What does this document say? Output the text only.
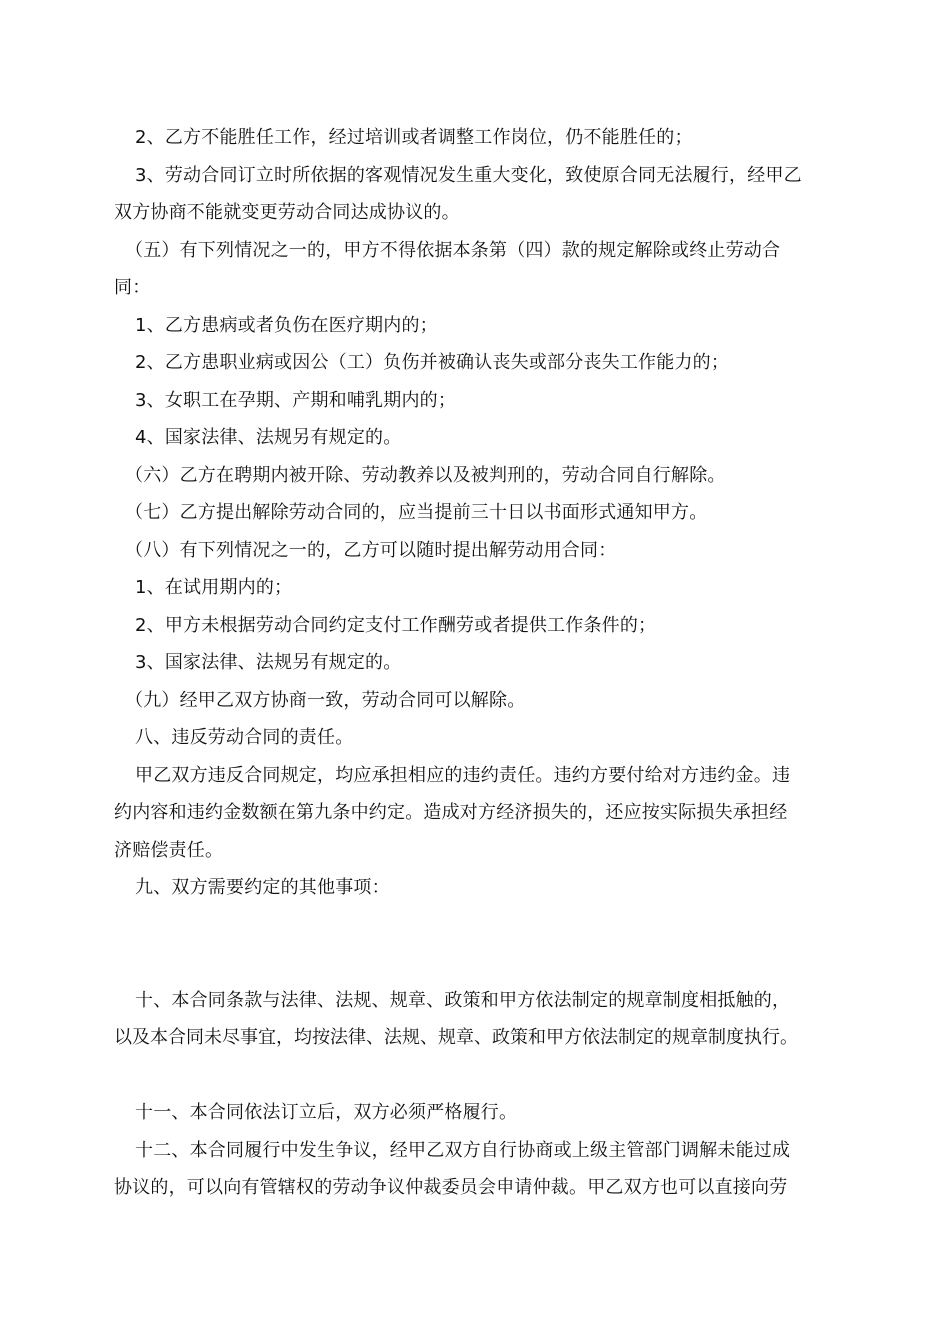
2、乙方不能胜任工作，经过培训或者调整工作岗位，仍不能胜任的；
3、劳动合同订立时所依据的客观情况发生重大变化，致使原合同无法履行，经甲乙
双方协商不能就变更劳动合同达成协议的。
（五）有下列情况之一的，甲方不得依据本条第（四）款的规定解除或终止劳动合
同：
1、乙方患病或者负伤在医疗期内的；
2、乙方患职业病或因公（工）负伤并被确认丧失或部分丧失工作能力的；
3、女职工在孕期、产期和哺乳期内的；
4、国家法律、法规另有规定的。
（六）乙方在聘期内被开除、劳动教养以及被判刑的，劳动合同自行解除。
（七）乙方提出解除劳动合同的，应当提前三十日以书面形式通知甲方。
（八）有下列情况之一的，乙方可以随时提出解劳动用合同：
1、在试用期内的；
2、甲方未根据劳动合同约定支付工作酬劳或者提供工作条件的；
3、国家法律、法规另有规定的。
（九）经甲乙双方协商一致，劳动合同可以解除。
八、违反劳动合同的责任。
甲乙双方违反合同规定，均应承担相应的违约责任。违约方要付给对方违约金。违
约内容和违约金数额在第九条中约定。造成对方经济损失的，还应按实际损失承担经
济赔偿责任。
九、双方需要约定的其他事项：
十、本合同条款与法律、法规、规章、政策和甲方依法制定的规章制度相抵触的，
以及本合同未尽事宜，均按法律、法规、规章、政策和甲方依法制定的规章制度执行。
十一、本合同依法订立后，双方必须严格履行。
十二、本合同履行中发生争议，经甲乙双方自行协商或上级主管部门调解未能过成
协议的，可以向有管辖权的劳动争议仲裁委员会申请仲裁。甲乙双方也可以直接向劳
